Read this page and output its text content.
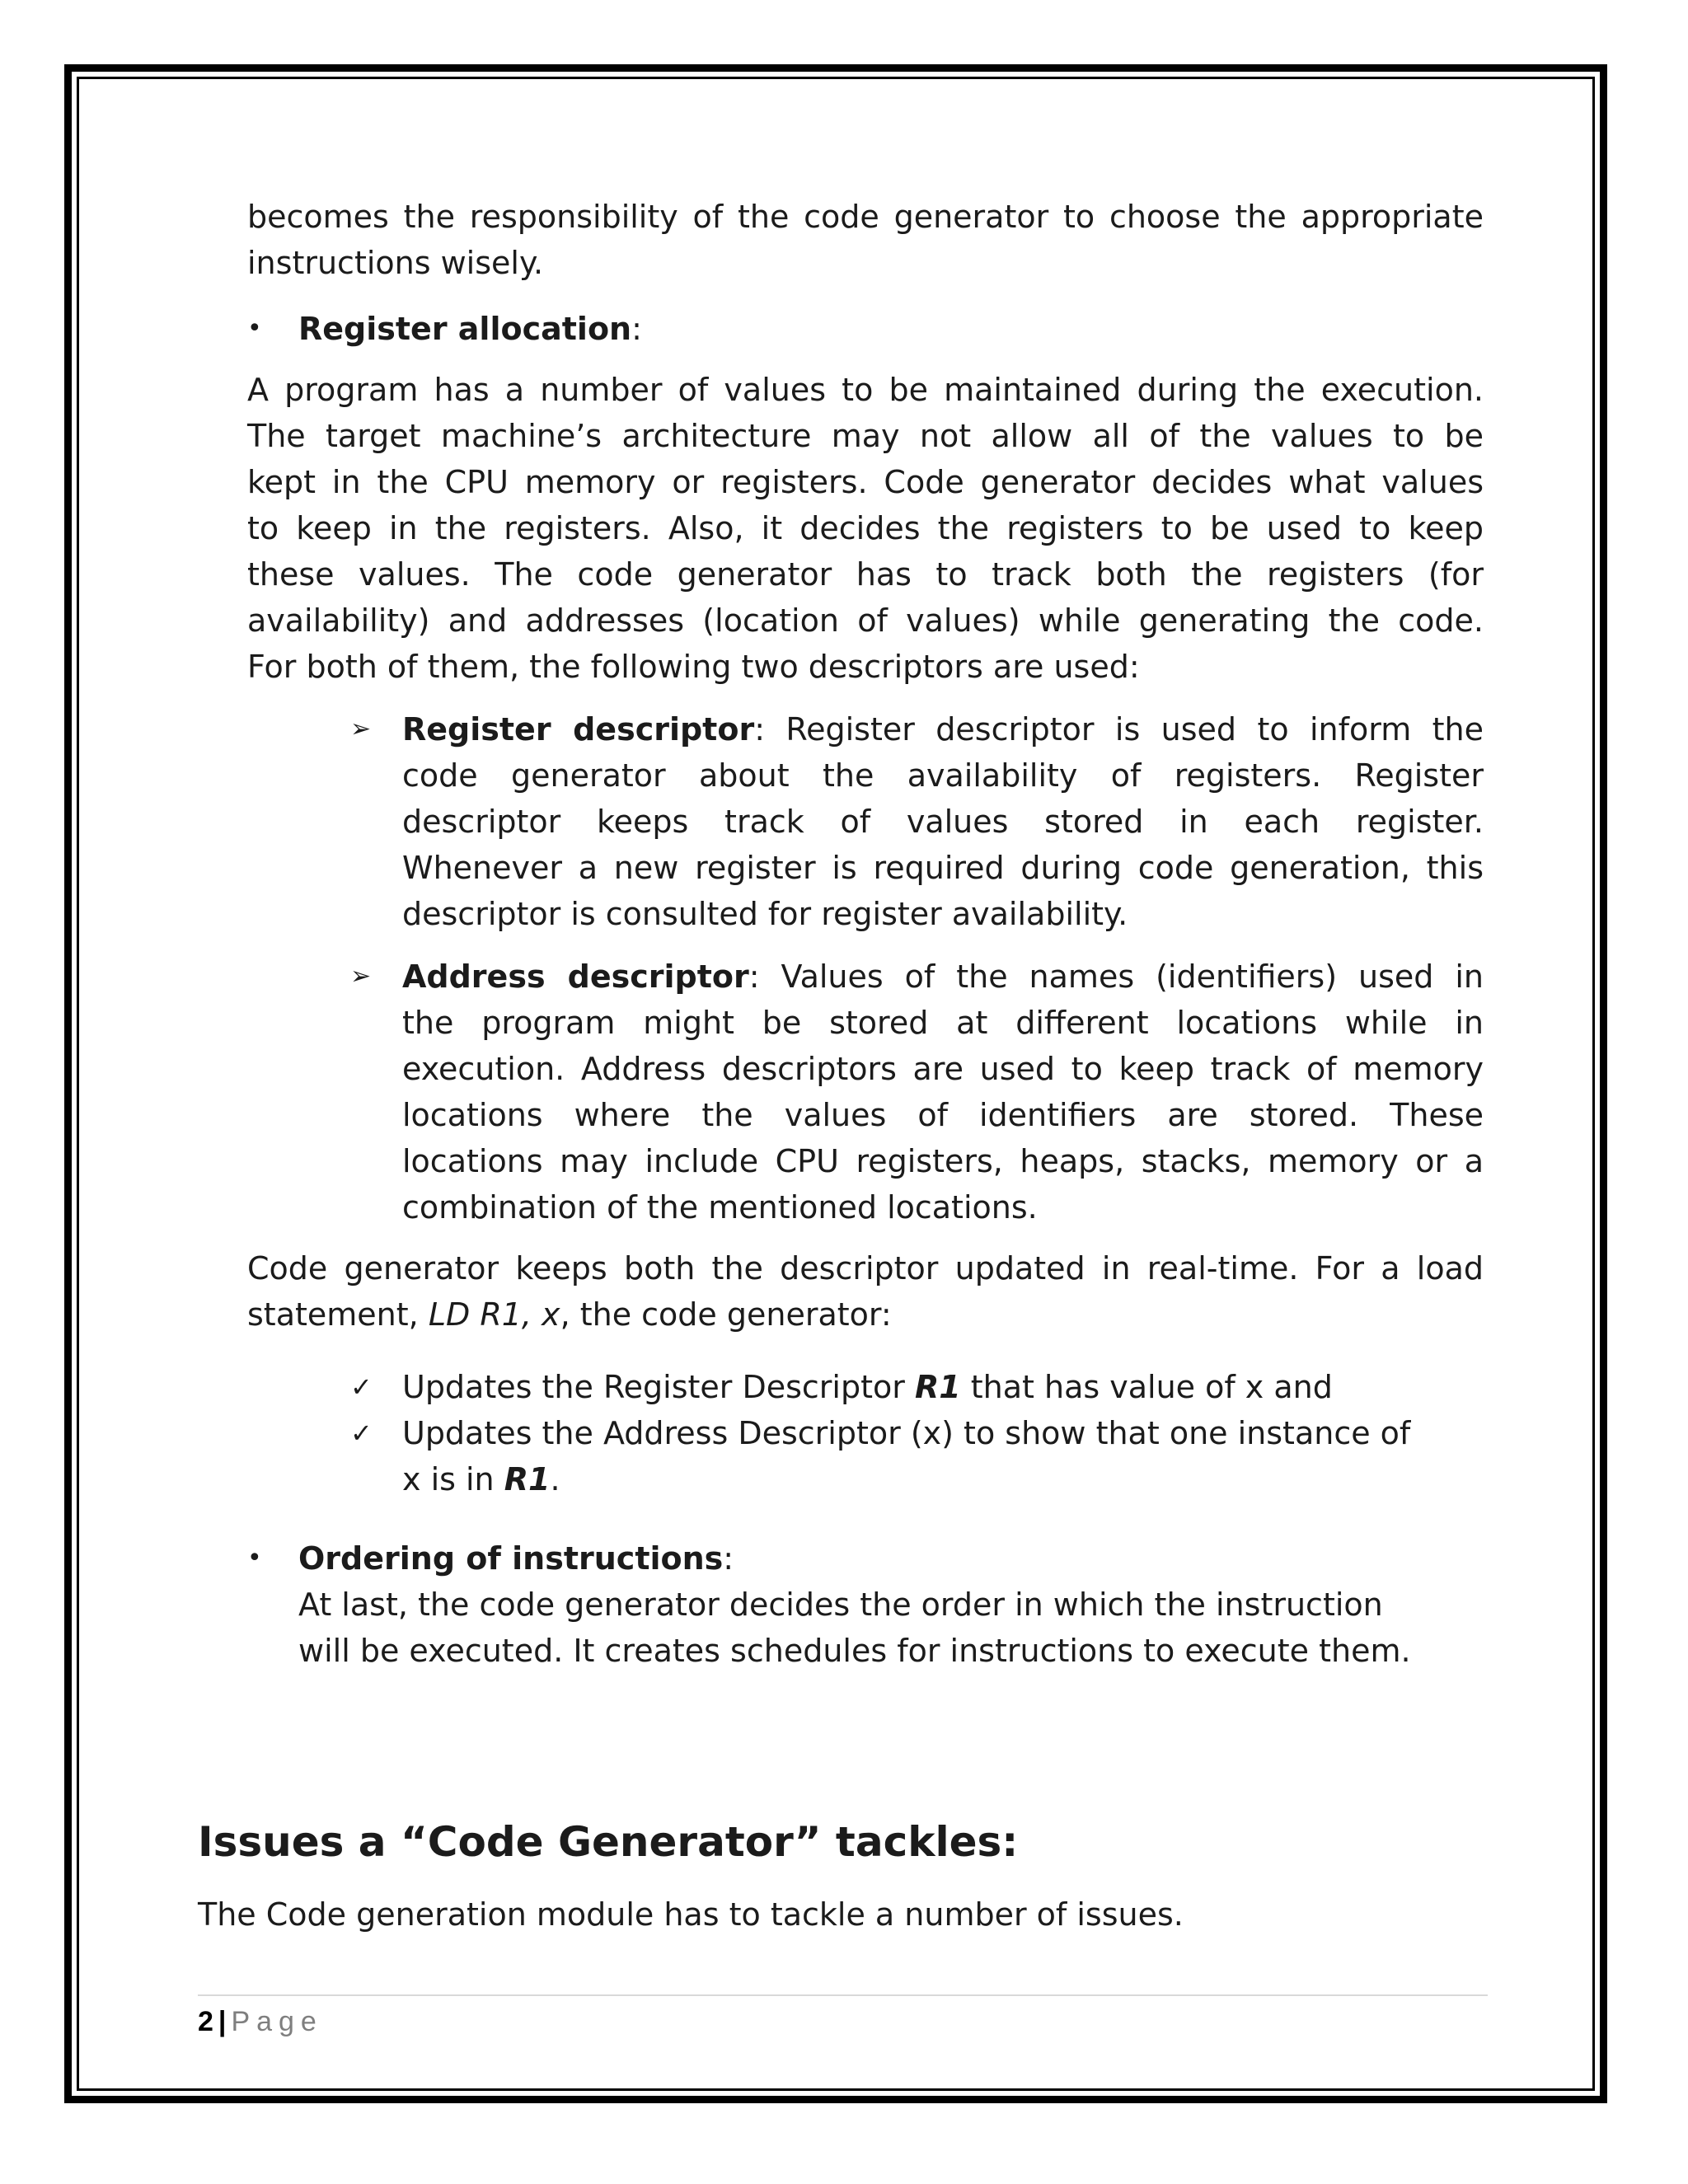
becomes the responsibility of the code generator to choose the appropriate
instructions wisely.
• Register allocation:
A program has a number of values to be maintained during the execution.
The target machine’s architecture may not allow all of the values to be
kept in the CPU memory or registers. Code generator decides what values
to keep in the registers. Also, it decides the registers to be used to keep
these values. The code generator has to track both the registers (for
availability) and addresses (location of values) while generating the code.
For both of them, the following two descriptors are used:
➢ Register descriptor: Register descriptor is used to inform the
code generator about the availability of registers. Register
descriptor keeps track of values stored in each register.
Whenever a new register is required during code generation, this
descriptor is consulted for register availability.
➢ Address descriptor: Values of the names (identifiers) used in
the program might be stored at different locations while in
execution. Address descriptors are used to keep track of memory
locations where the values of identifiers are stored. These
locations may include CPU registers, heaps, stacks, memory or a
combination of the mentioned locations.
Code generator keeps both the descriptor updated in real-time. For a load
statement, LD R1, x, the code generator:
✓ Updates the Register Descriptor R1 that has value of x and
✓ Updates the Address Descriptor (x) to show that one instance of
x is in R1.
• Ordering of instructions:
At last, the code generator decides the order in which the instruction
will be executed. It creates schedules for instructions to execute them.
Issues a “Code Generator” tackles:
The Code generation module has to tackle a number of issues.
2 | Page
